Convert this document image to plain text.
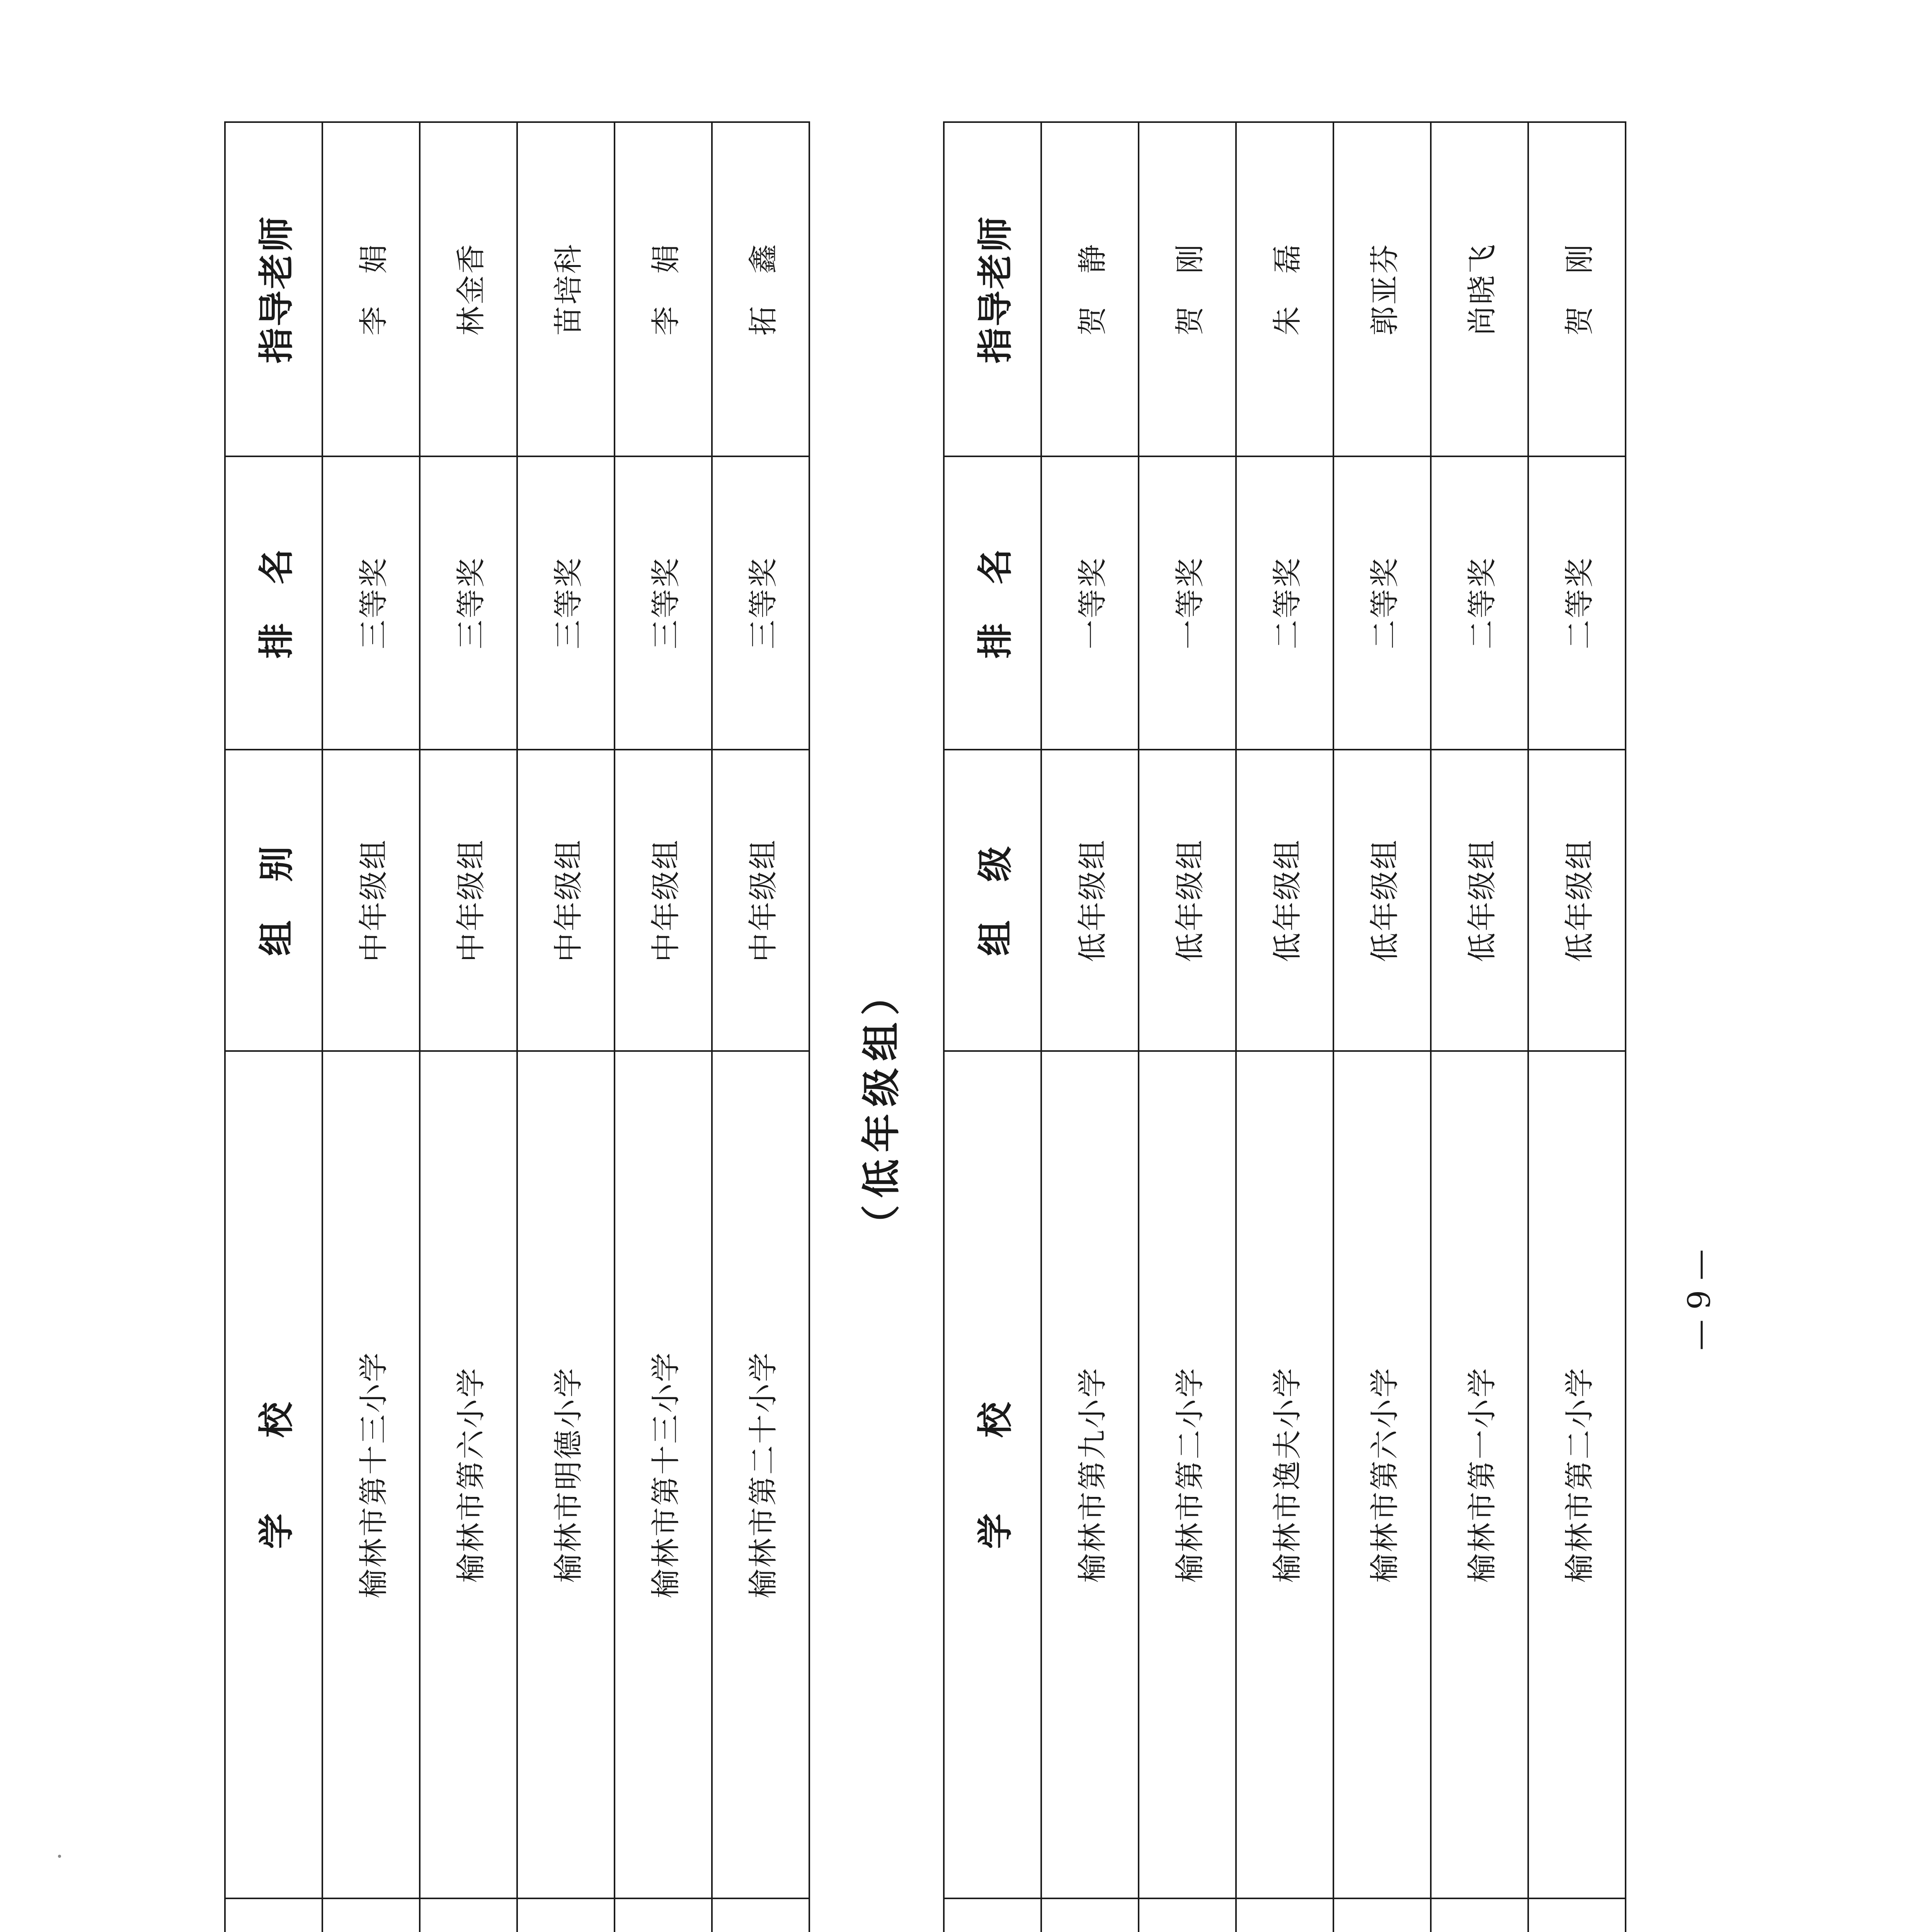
			学　　校	组　别	排　名	指导老师
			榆林市第十三小学	中年级组	三等奖	李　娟
			榆林市第六小学	中年级组	三等奖	林金香
			榆林市明德小学	中年级组	三等奖	苗培科
			榆林市第十三小学	中年级组	三等奖	李　娟
			榆林市第二十小学	中年级组	三等奖	拓　鑫
（低年级组）
			学　　校	组　级	排　名	指导老师
			榆林市第九小学	低年级组	一等奖	贺　静
			榆林市第二小学	低年级组	一等奖	贺　刚
			榆林市逸夫小学	低年级组	二等奖	朱　磊
			榆林市第六小学	低年级组	二等奖	郭亚芬
			榆林市第一小学	低年级组	二等奖	尚晓飞
			榆林市第二小学	低年级组	二等奖	贺　刚
— 9 —
